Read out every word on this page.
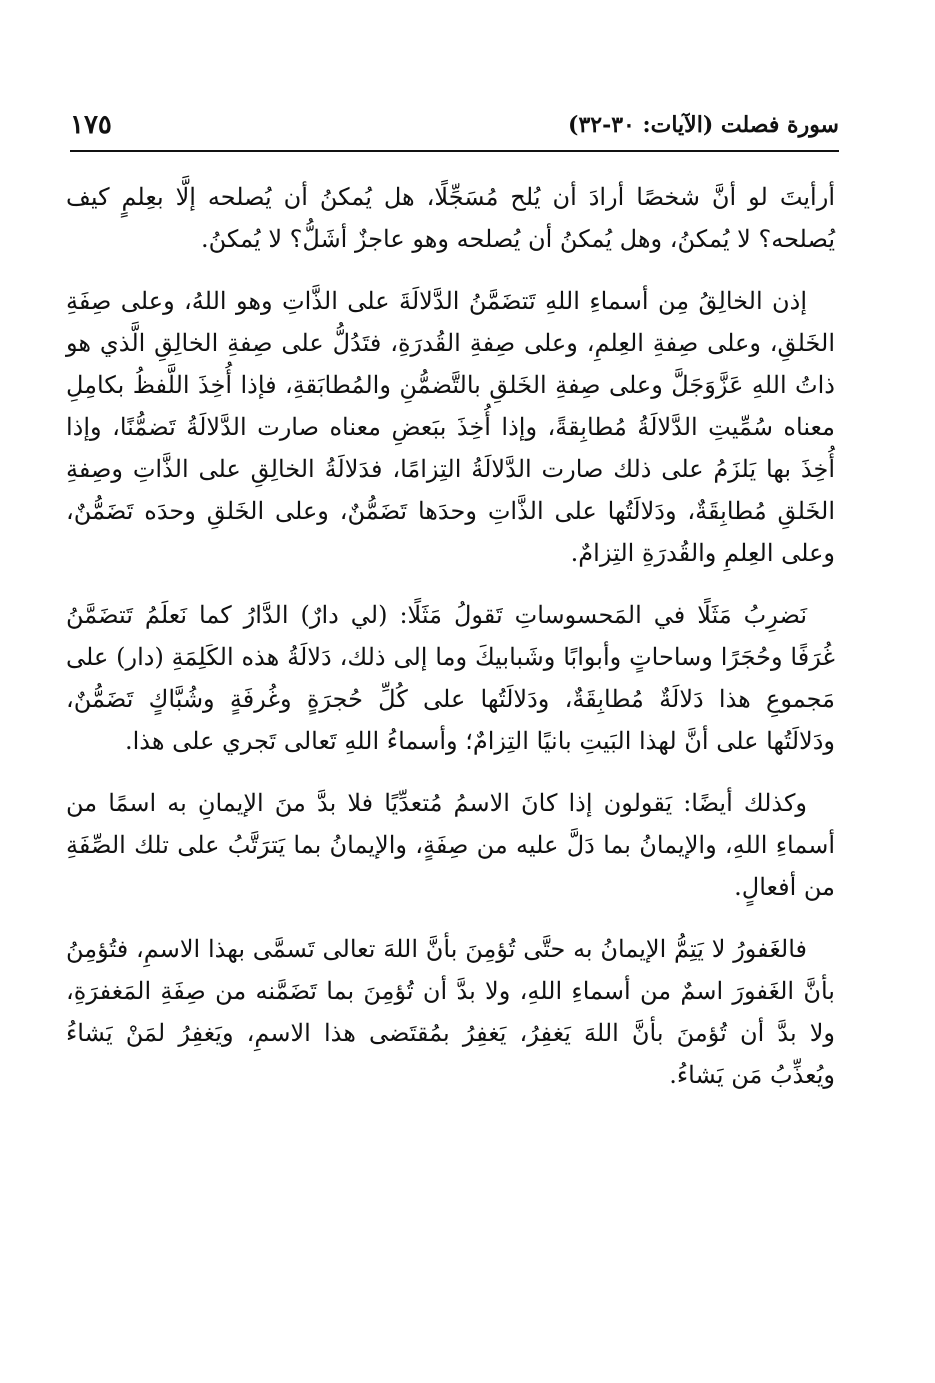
سورة فصلت (الآيات: ٣٠-٣٢)
١٧٥

أرأيتَ لو أنَّ شخصًا أرادَ أن يُلح مُسَجِّلًا، هل يُمكنُ أن يُصلحه إلَّا بعِلمٍ كيف يُصلحه؟ لا يُمكنُ، وهل يُمكنُ أن يُصلحه وهو عاجزٌ أشَلُّ؟ لا يُمكنُ.

إذن الخالِقُ مِن أسماءِ اللهِ تَتضَمَّنُ الدَّلالَةَ على الذَّاتِ وهو اللهُ، وعلى صِفَةِ الخَلقِ، وعلى صِفةِ العِلمِ، وعلى صِفةِ القُدرَةِ، فتَدُلُّ على صِفةِ الخالِقِ الَّذي هو ذاتُ اللهِ عَزَّوَجَلَّ وعلى صِفةِ الخَلقِ بالتَّضمُّنِ والمُطابَقةِ، فإذا أُخِذَ اللَّفظُ بكامِلِ معناه سُمِّيتِ الدَّلالَةُ مُطابِقةً، وإذا أُخِذَ ببَعضِ معناه صارت الدَّلالَةُ تَضمُّنًا، وإذا أُخِذَ بها يَلزَمُ على ذلك صارت الدَّلالَةُ التِزامًا، فدَلالَةُ الخالِقِ على الذَّاتِ وصِفةِ الخَلقِ مُطابِقَةٌ، ودَلالَتُها على الذَّاتِ وحدَها تَضَمُّنٌ، وعلى الخَلقِ وحدَه تَضَمُّنٌ، وعلى العِلمِ والقُدرَةِ التِزامٌ.

نَضرِبُ مَثَلًا في المَحسوساتِ تَقولُ مَثَلًا: (لي دارٌ) الدَّارُ كما نَعلَمُ تَتضَمَّنُ غُرَفًا وحُجَرًا وساحاتٍ وأبوابًا وشَبابيكَ وما إلى ذلك، دَلالَةُ هذه الكَلِمَةِ (دار) على مَجموعِ هذا دَلالَةٌ مُطابِقَةٌ، ودَلالَتُها على كُلِّ حُجرَةٍ وغُرفَةٍ وشُبَّاكٍ تَضَمُّنٌ، ودَلالَتُها على أنَّ لهذا البَيتِ بانيًا التِزامٌ؛ وأسماءُ اللهِ تَعالى تَجري على هذا.

وكذلك أيضًا: يَقولون إذا كانَ الاسمُ مُتعدِّيًا فلا بدَّ منَ الإيمانِ به اسمًا من أسماءِ اللهِ، والإيمانُ بما دَلَّ عليه من صِفَةٍ، والإيمانُ بما يَترَتَّبُ على تلك الصِّفَةِ من أفعالٍ.

فالغَفورُ لا يَتِمُّ الإيمانُ به حتَّى تُؤمِنَ بأنَّ اللهَ تعالى تَسمَّى بهذا الاسمِ، فتُؤمِنُ بأنَّ الغَفورَ اسمٌ من أسماءِ اللهِ، ولا بدَّ أن تُؤمِنَ بما تَضَمَّنه من صِفَةِ المَغفرَةِ، ولا بدَّ أن تُؤمنَ بأنَّ اللهَ يَغفِرُ، يَغفِرُ بمُقتَضى هذا الاسمِ، ويَغفِرُ لمَنْ يَشاءُ ويُعذِّبُ مَن يَشاءُ.
